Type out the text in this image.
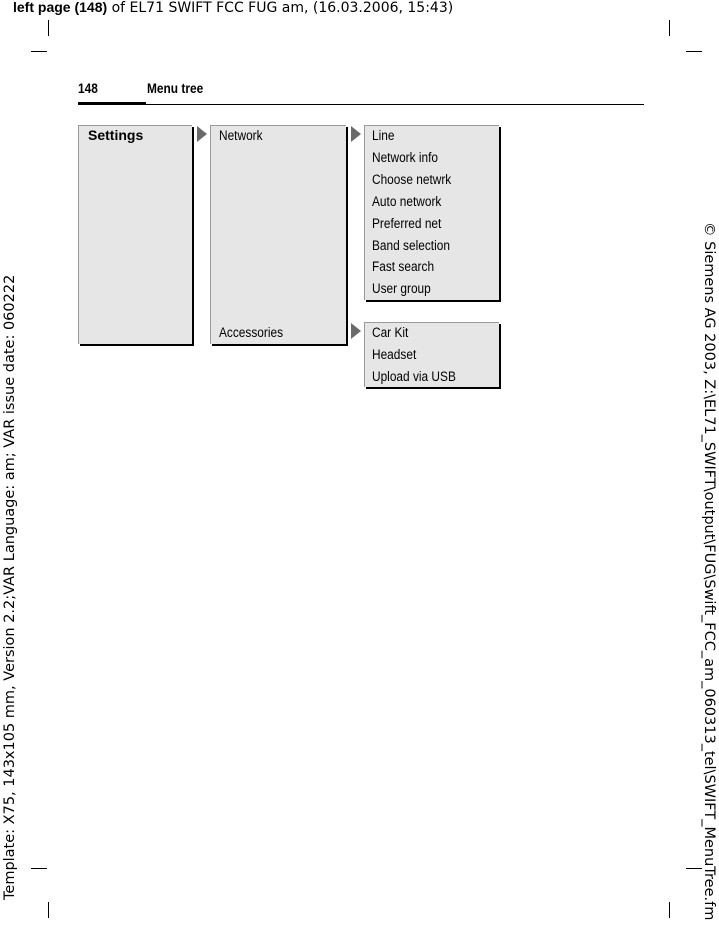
left page (148) of EL71 SWIFT FCC FUG am, (16.03.2006, 15:43)
Template: X75, 143x105 mm, Version 2.2;VAR Language: am; VAR issue date: 060222	© Siemens AG 2003, Z:\EL71_SWIFT\output\FUG\Swift_FCC_am_060313_tel\SWIFT_MenuTree.fm
148	Menu tree
Settings	Network
Accessories
Line
Network info
Choose netwrk
Auto network
Preferred net
Band selection
Fast search
User group
Car Kit
Headset
Upload via USB
